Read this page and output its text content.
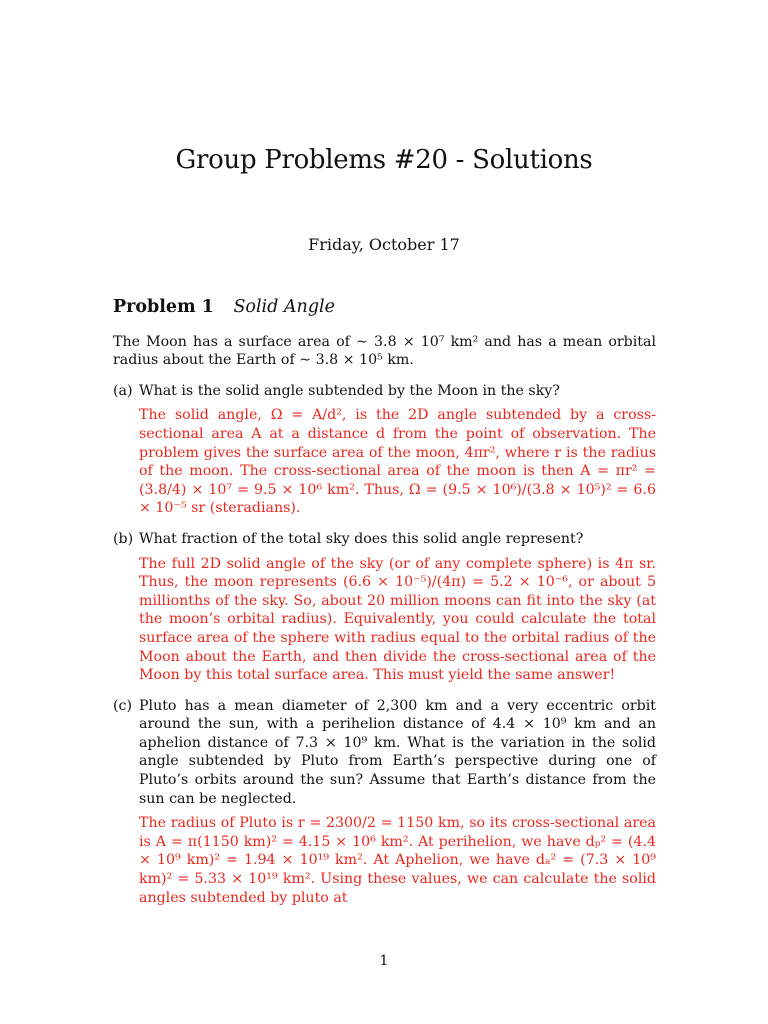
Group Problems #20 - Solutions
Friday, October 17
Problem 1 Solid Angle

The Moon has a surface area of ∼ 3.8 × 10⁷ km² and has a mean orbital radius about the Earth of ∼ 3.8 × 10⁵ km.

(a) What is the solid angle subtended by the Moon in the sky?
The solid angle, Ω = A/d², is the 2D angle subtended by a cross-sectional area A at a distance d from the point of observation. The problem gives the surface area of the moon, 4πr², where r is the radius of the moon. The cross-sectional area of the moon is then A = πr² = (3.8/4) × 10⁷ = 9.5 × 10⁶ km². Thus, Ω = (9.5 × 10⁶)/(3.8 × 10⁵)² = 6.6 × 10⁻⁵ sr (steradians).
(b) What fraction of the total sky does this solid angle represent?
The full 2D solid angle of the sky (or of any complete sphere) is 4π sr. Thus, the moon represents (6.6 × 10⁻⁵)/(4π) = 5.2 × 10⁻⁶, or about 5 millionths of the sky. So, about 20 million moons can fit into the sky (at the moon’s orbital radius). Equivalently, you could calculate the total surface area of the sphere with radius equal to the orbital radius of the Moon about the Earth, and then divide the cross-sectional area of the Moon by this total surface area. This must yield the same answer!
(c) Pluto has a mean diameter of 2,300 km and a very eccentric orbit around the sun, with a perihelion distance of 4.4 × 10⁹ km and an aphelion distance of 7.3 × 10⁹ km. What is the variation in the solid angle subtended by Pluto from Earth’s perspective during one of Pluto’s orbits around the sun? Assume that Earth’s distance from the sun can be neglected.
The radius of Pluto is r = 2300/2 = 1150 km, so its cross-sectional area is A = π(1150 km)² = 4.15 × 10⁶ km². At perihelion, we have dₚ² = (4.4 × 10⁹ km)² = 1.94 × 10¹⁹ km². At Aphelion, we have dₐ² = (7.3 × 10⁹ km)² = 5.33 × 10¹⁹ km². Using these values, we can calculate the solid angles subtended by pluto at
1
